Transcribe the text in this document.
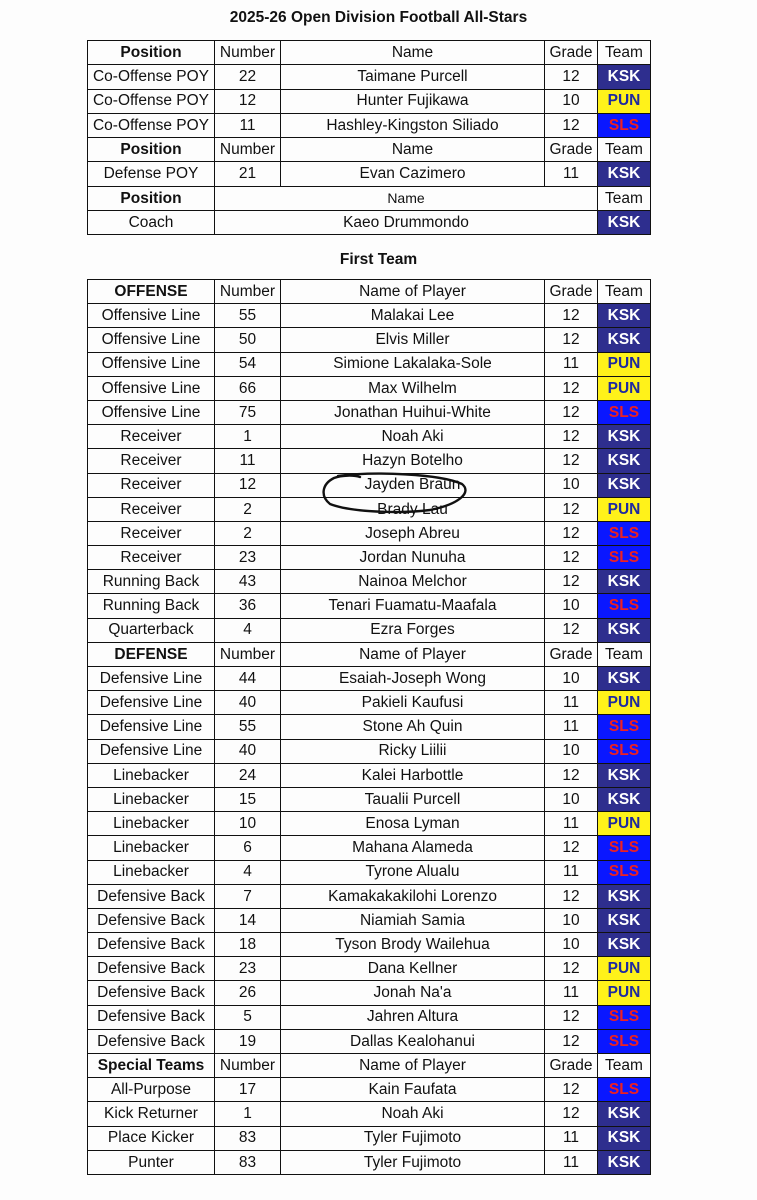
2025-26 Open Division Football All-Stars
Position	Number	Name	Grade	Team
Co-Offense POY	22	Taimane Purcell	12	KSK
Co-Offense POY	12	Hunter Fujikawa	10	PUN
Co-Offense POY	11	Hashley-Kingston Siliado	12	SLS
Position	Number	Name	Grade	Team
Defense POY	21	Evan Cazimero	11	KSK
Position	Name			Team
Coach	Kaeo Drummondo			KSK
First Team
OFFENSE	Number	Name of Player	Grade	Team
Offensive Line	55	Malakai Lee	12	KSK
Offensive Line	50	Elvis Miller	12	KSK
Offensive Line	54	Simione Lakalaka-Sole	11	PUN
Offensive Line	66	Max Wilhelm	12	PUN
Offensive Line	75	Jonathan Huihui-White	12	SLS
Receiver	1	Noah Aki	12	KSK
Receiver	11	Hazyn Botelho	12	KSK
Receiver	12	Jayden Braun	10	KSK
Receiver	2	Brady Lau	12	PUN
Receiver	2	Joseph Abreu	12	SLS
Receiver	23	Jordan Nunuha	12	SLS
Running Back	43	Nainoa Melchor	12	KSK
Running Back	36	Tenari Fuamatu-Maafala	10	SLS
Quarterback	4	Ezra Forges	12	KSK
DEFENSE	Number	Name of Player	Grade	Team
Defensive Line	44	Esaiah-Joseph Wong	10	KSK
Defensive Line	40	Pakieli Kaufusi	11	PUN
Defensive Line	55	Stone Ah Quin	11	SLS
Defensive Line	40	Ricky Liilii	10	SLS
Linebacker	24	Kalei Harbottle	12	KSK
Linebacker	15	Taualii Purcell	10	KSK
Linebacker	10	Enosa Lyman	11	PUN
Linebacker	6	Mahana Alameda	12	SLS
Linebacker	4	Tyrone Alualu	11	SLS
Defensive Back	7	Kamakakakilohi Lorenzo	12	KSK
Defensive Back	14	Niamiah Samia	10	KSK
Defensive Back	18	Tyson Brody Wailehua	10	KSK
Defensive Back	23	Dana Kellner	12	PUN
Defensive Back	26	Jonah Na'a	11	PUN
Defensive Back	5	Jahren Altura	12	SLS
Defensive Back	19	Dallas Kealohanui	12	SLS
Special Teams	Number	Name of Player	Grade	Team
All-Purpose	17	Kain Faufata	12	SLS
Kick Returner	1	Noah Aki	12	KSK
Place Kicker	83	Tyler Fujimoto	11	KSK
Punter	83	Tyler Fujimoto	11	KSK
